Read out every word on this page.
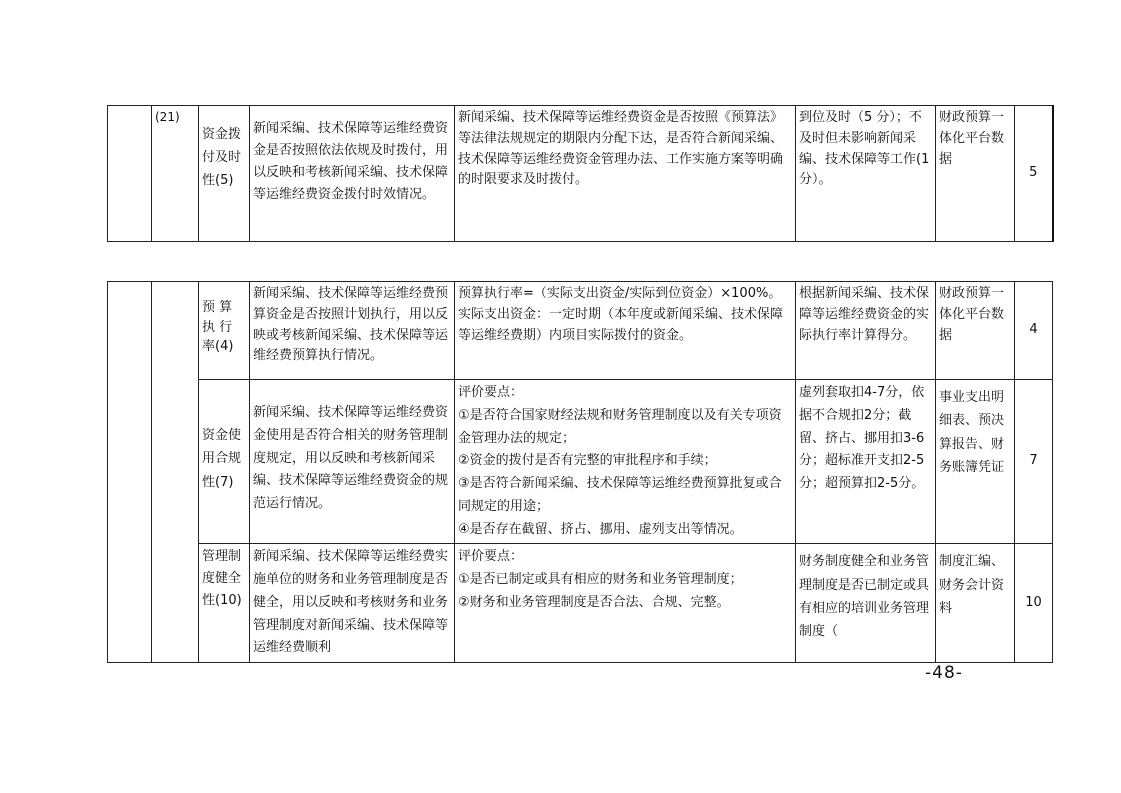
	(21)	资金拨付及时性(5)	新闻采编、技术保障等运维经费资金是否按照依法依规及时拨付，用以反映和考核新闻采编、技术保障等运维经费资金拨付时效情况。	新闻采编、技术保障等运维经费资金是否按照《预算法》等法律法规规定的期限内分配下达，是否符合新闻采编、技术保障等运维经费资金管理办法、工作实施方案等明确的时限要求及时拨付。	到位及时（5 分）；不及时但未影响新闻采编、技术保障等工作(1分）。	财政预算一体化平台数据	5
		预 算 执 行 率(4)	新闻采编、技术保障等运维经费预算资金是否按照计划执行，用以反映或考核新闻采编、技术保障等运维经费预算执行情况。	预算执行率=（实际支出资金/实际到位资金）×100%。
实际支出资金：一定时期（本年度或新闻采编、技术保障等运维经费期）内项目实际拨付的资金。	根据新闻采编、技术保障等运维经费资金的实际执行率计算得分。	财政预算一体化平台数据	4
		资金使用合规性(7)	新闻采编、技术保障等运维经费资金使用是否符合相关的财务管理制度规定，用以反映和考核新闻采编、技术保障等运维经费资金的规范运行情况。	评价要点：
①是否符合国家财经法规和财务管理制度以及有关专项资金管理办法的规定；
②资金的拨付是否有完整的审批程序和手续；
③是否符合新闻采编、技术保障等运维经费预算批复或合同规定的用途；
④是否存在截留、挤占、挪用、虚列支出等情况。	虚列套取扣4-7分，依据不合规扣2分；截留、挤占、挪用扣3-6分；超标准开支扣2-5分；超预算扣2-5分。	事业支出明细表、预决算报告、财务账簿凭证	7
		管理制度健全性(10)	新闻采编、技术保障等运维经费实施单位的财务和业务管理制度是否健全，用以反映和考核财务和业务管理制度对新闻采编、技术保障等运维经费顺利	评价要点：
①是否已制定或具有相应的财务和业务管理制度；
②财务和业务管理制度是否合法、合规、完整。	财务制度健全和业务管理制度是否已制定或具有相应的培训业务管理制度（	制度汇编、财务会计资料	10
-48-
